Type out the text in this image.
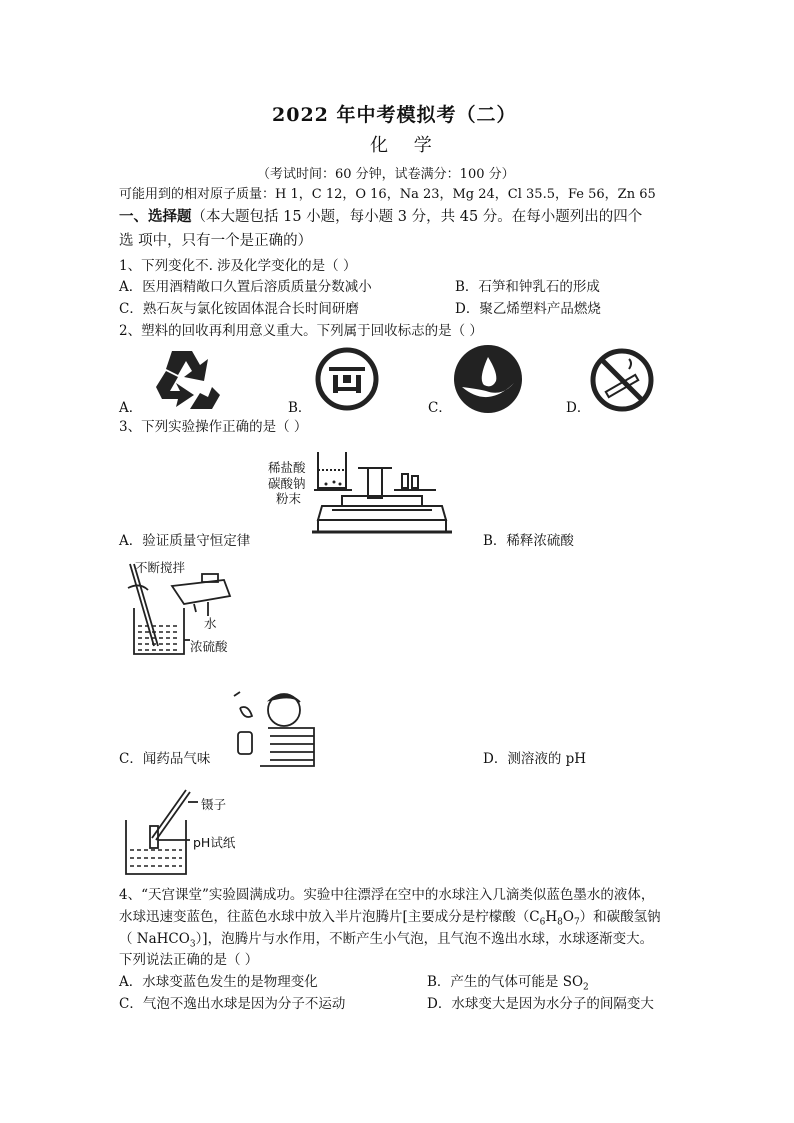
2022 年中考模拟考（二）
化 学
（考试时间：60 分钟，试卷满分：100 分）
可能用到的相对原子质量：H 1，C 12，O 16，Na 23，Mg 24，Cl 35.5，Fe 56，Zn 65
一、选择题（本大题包括 15 小题，每小题 3 分，共 45 分。在每小题列出的四个
选 项中，只有一个是正确的）
1、下列变化不. 涉及化学变化的是（ ）
A．医用酒精敞口久置后溶质质量分数减小	B．石笋和钟乳石的形成
C．熟石灰与氯化铵固体混合长时间研磨	D．聚乙烯塑料产品燃烧
2、塑料的回收再利用意义重大。下列属于回收标志的是（ ）
A．	B．	C．	D．
3、下列实验操作正确的是（ ）
稀盐酸
碳酸钠
粉末
A．验证质量守恒定律	B．稀释浓硫酸
不断搅拌
水
浓硫酸
C．闻药品气味	D．测溶液的 pH
镊子
pH试纸
4、“天宫课堂”实验圆满成功。实验中往漂浮在空中的水球注入几滴类似蓝色墨水的液体，
水球迅速变蓝色，往蓝色水球中放入半片泡腾片[主要成分是柠檬酸$(C_6H_8O_7)$和碳酸氢钠
（ NaHCO$_3$）]，泡腾片与水作用，不断产生小气泡，且气泡不逸出水球，水球逐渐变大。
下列说法正确的是（ ）
A．水球变蓝色发生的是物理变化	B．产生的气体可能是 $SO_2$
C．气泡不逸出水球是因为分子不运动	D．水球变大是因为水分子的间隔变大
